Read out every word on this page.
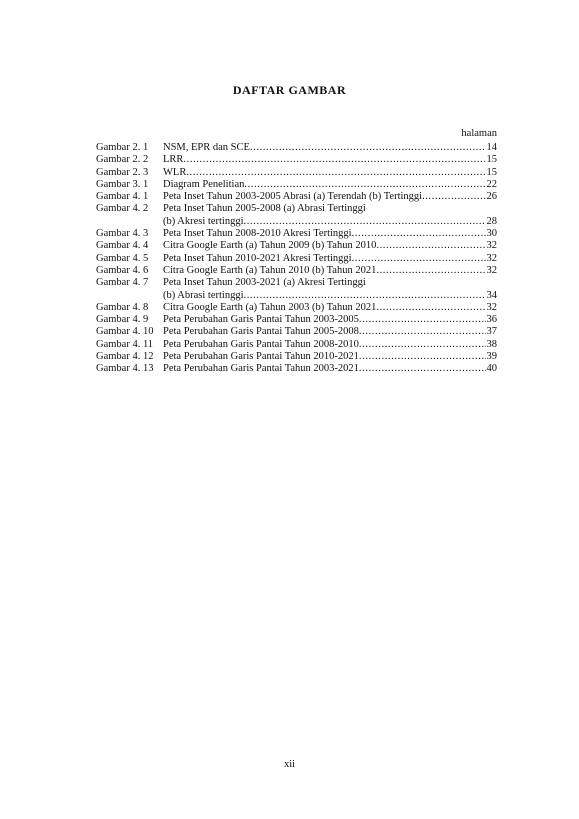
DAFTAR GAMBAR
halaman
Gambar 2. 1	NSM, EPR dan SCE .....	14
Gambar 2. 2	LRR .....	15
Gambar 2. 3	WLR .....	15
Gambar 3. 1	Diagram Penelitian .....	22
Gambar 4. 1	Peta Inset Tahun 2003-2005 Abrasi (a) Terendah (b) Tertinggi .....	26
Gambar 4. 2	Peta Inset Tahun 2005-2008 (a) Abrasi Tertinggi
(b) Akresi tertinggi .....	28
Gambar 4. 3	Peta Inset Tahun 2008-2010 Akresi Tertinggi .....	30
Gambar 4. 4	Citra Google Earth (a) Tahun 2009 (b) Tahun 2010 .....	32
Gambar 4. 5	Peta Inset Tahun 2010-2021 Akresi Tertinggi .....	32
Gambar 4. 6	Citra Google Earth (a) Tahun 2010 (b) Tahun 2021 .....	32
Gambar 4. 7	Peta Inset Tahun 2003-2021 (a) Akresi Tertinggi
(b) Abrasi tertinggi .....	34
Gambar 4. 8	Citra Google Earth (a) Tahun 2003 (b) Tahun 2021 .....	32
Gambar 4. 9	Peta Perubahan Garis Pantai Tahun 2003-2005 .....	36
Gambar 4. 10 Peta Perubahan Garis Pantai Tahun 2005-2008 .....	37
Gambar 4. 11 Peta Perubahan Garis Pantai Tahun 2008-2010 .....	38
Gambar 4. 12 Peta Perubahan Garis Pantai Tahun 2010-2021 .....	39
Gambar 4. 13 Peta Perubahan Garis Pantai Tahun 2003-2021 .....	40
xii
